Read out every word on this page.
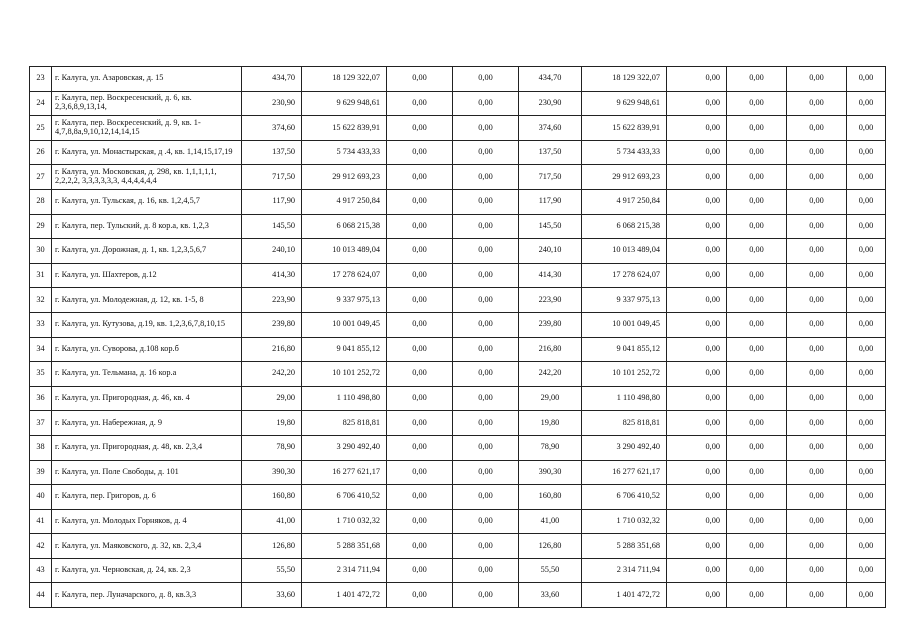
23	г. Калуга, ул. Азаровская, д. 15	434,70	18 129 322,07	0,00	0,00	434,70	18 129 322,07	0,00	0,00	0,00	0,00
24	г. Калуга, пер. Воскресенский, д. 6, кв. 2,3,6,8,9,13,14,	230,90	9 629 948,61	0,00	0,00	230,90	9 629 948,61	0,00	0,00	0,00	0,00
25	г. Калуга, пер. Воскресенский, д. 9, кв. 1-4,7,8,8а,9,10,12,14,14,15	374,60	15 622 839,91	0,00	0,00	374,60	15 622 839,91	0,00	0,00	0,00	0,00
26	г. Калуга, ул. Монастырская, д .4, кв. 1,14,15,17,19	137,50	5 734 433,33	0,00	0,00	137,50	5 734 433,33	0,00	0,00	0,00	0,00
27	г. Калуга, ул. Московская, д. 298, кв. 1,1,1,1,1, 2,2,2,2, 3,3,3,3,3,3, 4,4,4,4,4,4	717,50	29 912 693,23	0,00	0,00	717,50	29 912 693,23	0,00	0,00	0,00	0,00
28	г. Калуга, ул. Тульская, д. 16, кв. 1,2,4,5,7	117,90	4 917 250,84	0,00	0,00	117,90	4 917 250,84	0,00	0,00	0,00	0,00
29	г. Калуга, пер. Тульский, д. 8 кор.а, кв. 1,2,3	145,50	6 068 215,38	0,00	0,00	145,50	6 068 215,38	0,00	0,00	0,00	0,00
30	г. Калуга, ул. Дорожная, д. 1, кв. 1,2,3,5,6,7	240,10	10 013 489,04	0,00	0,00	240,10	10 013 489,04	0,00	0,00	0,00	0,00
31	г. Калуга, ул. Шахтеров, д.12	414,30	17 278 624,07	0,00	0,00	414,30	17 278 624,07	0,00	0,00	0,00	0,00
32	г. Калуга, ул. Молодежная, д. 12, кв. 1-5, 8	223,90	9 337 975,13	0,00	0,00	223,90	9 337 975,13	0,00	0,00	0,00	0,00
33	г. Калуга, ул. Кутузова, д.19, кв. 1,2,3,6,7,8,10,15	239,80	10 001 049,45	0,00	0,00	239,80	10 001 049,45	0,00	0,00	0,00	0,00
34	г. Калуга, ул. Суворова, д.108 кор.б	216,80	9 041 855,12	0,00	0,00	216,80	9 041 855,12	0,00	0,00	0,00	0,00
35	г. Калуга, ул. Тельмана, д. 16 кор.а	242,20	10 101 252,72	0,00	0,00	242,20	10 101 252,72	0,00	0,00	0,00	0,00
36	г. Калуга, ул. Пригородная, д. 46, кв. 4	29,00	1 110 498,80	0,00	0,00	29,00	1 110 498,80	0,00	0,00	0,00	0,00
37	г. Калуга, ул. Набережная, д. 9	19,80	825 818,81	0,00	0,00	19,80	825 818,81	0,00	0,00	0,00	0,00
38	г. Калуга, ул. Пригородная, д. 48, кв. 2,3,4	78,90	3 290 492,40	0,00	0,00	78,90	3 290 492,40	0,00	0,00	0,00	0,00
39	г. Калуга, ул. Поле Свободы, д. 101	390,30	16 277 621,17	0,00	0,00	390,30	16 277 621,17	0,00	0,00	0,00	0,00
40	г. Калуга, пер. Григоров, д. 6	160,80	6 706 410,52	0,00	0,00	160,80	6 706 410,52	0,00	0,00	0,00	0,00
41	г. Калуга, ул. Молодых Горняков, д. 4	41,00	1 710 032,32	0,00	0,00	41,00	1 710 032,32	0,00	0,00	0,00	0,00
42	г. Калуга, ул. Маяковского, д. 32, кв. 2,3,4	126,80	5 288 351,68	0,00	0,00	126,80	5 288 351,68	0,00	0,00	0,00	0,00
43	г. Калуга, ул. Черновская, д. 24, кв. 2,3	55,50	2 314 711,94	0,00	0,00	55,50	2 314 711,94	0,00	0,00	0,00	0,00
44	г. Калуга, пер. Луначарского, д. 8, кв.3,3	33,60	1 401 472,72	0,00	0,00	33,60	1 401 472,72	0,00	0,00	0,00	0,00
